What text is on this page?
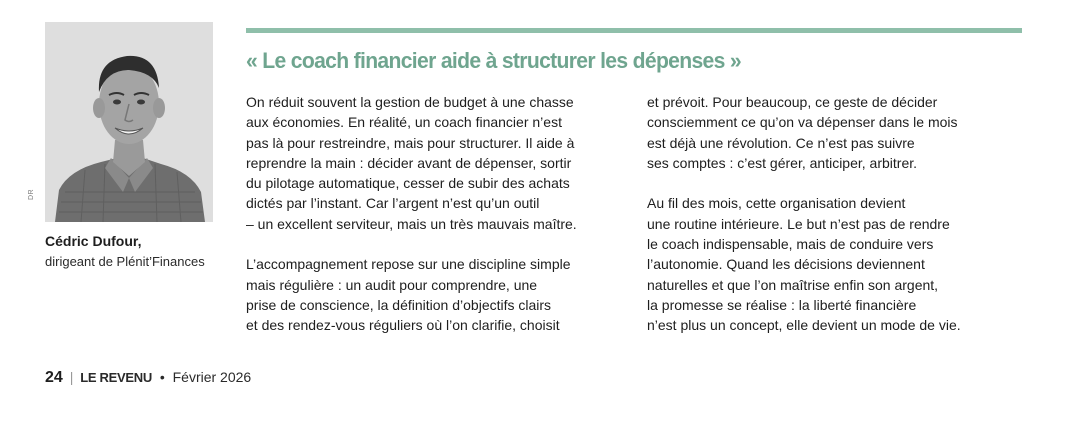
DR
Cédric Dufour,
dirigeant de Plénit’Finances
« Le coach financier aide à structurer les dépenses »
On réduit souvent la gestion de budget à une chasse
aux économies. En réalité, un coach financier n’est
pas là pour restreindre, mais pour structurer. Il aide à
reprendre la main : décider avant de dépenser, sortir
du pilotage automatique, cesser de subir des achats
dictés par l’instant. Car l’argent n’est qu’un outil
– un excellent serviteur, mais un très mauvais maître.
L’accompagnement repose sur une discipline simple
mais régulière : un audit pour comprendre, une
prise de conscience, la définition d’objectifs clairs
et des rendez-vous réguliers où l’on clarifie, choisit
et prévoit. Pour beaucoup, ce geste de décider
consciemment ce qu’on va dépenser dans le mois
est déjà une révolution. Ce n’est pas suivre
ses comptes : c’est gérer, anticiper, arbitrer.
Au fil des mois, cette organisation devient
une routine intérieure. Le but n’est pas de rendre
le coach indispensable, mais de conduire vers
l’autonomie. Quand les décisions deviennent
naturelles et que l’on maîtrise enfin son argent,
la promesse se réalise : la liberté financière
n’est plus un concept, elle devient un mode de vie.
24 | LE REVENU • Février 2026
